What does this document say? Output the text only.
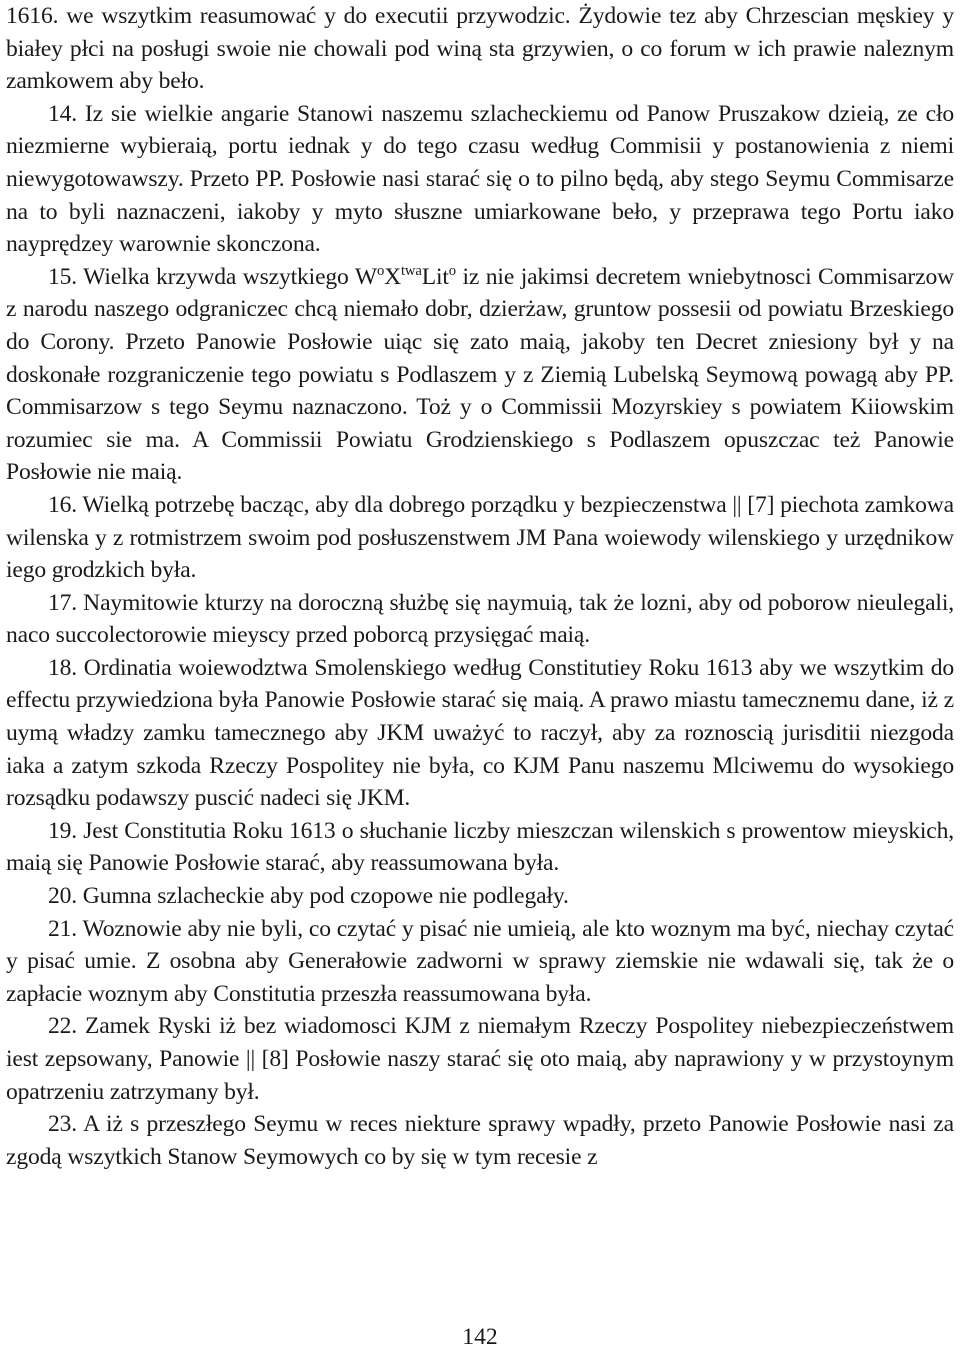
1616. we wszytkim reasumować y do executii przywodzic. Żydowie tez aby Chrzescian męskiey y białey płci na posługi swoie nie chowali pod winą sta grzywien, o co forum w ich prawie naleznym zamkowem aby beło.

14. Iz sie wielkie angarie Stanowi naszemu szlacheckiemu od Panow Pruszakow dzieią, ze cło niezmierne wybieraią, portu iednak y do tego czasu według Commisii y postanowienia z niemi niewygotowawszy. Przeto PP. Posłowie nasi starać się o to pilno będą, aby stego Seymu Commisarze na to byli naznaczeni, iakoby y myto słuszne umiarkowane beło, y przeprawa tego Portu iako nayprędzey warownie skonczona.

15. Wielka krzywda wszytkiego $W^oX^{twa}Lit^o$ iz nie jakimsi decretem wniebytnosci Commisarzow z narodu naszego odgraniczec chcą niemało dobr, dzierżaw, gruntow possesii od powiatu Brzeskiego do Corony. Przeto Panowie Posłowie uiąc się zato maią, jakoby ten Decret zniesiony był y na doskonałe rozgraniczenie tego powiatu s Podlaszem y z Ziemią Lubelską Seymową powagą aby PP. Commisarzow s tego Seymu naznaczono. Toż y o Commissii Mozyrskiey s powiatem Kiiowskim rozumiec sie ma. A Commissii Powiatu Grodzienskiego s Podlaszem opuszczac też Panowie Posłowie nie maią.

16. Wielką potrzebę bacząc, aby dla dobrego porządku y bezpieczenstwa || [7] piechota zamkowa wilenska y z rotmistrzem swoim pod posłuszenstwem JM Pana woiewody wilenskiego y urzędnikow iego grodzkich była.

17. Naymitowie kturzy na doroczną służbę się naymuią, tak że lozni, aby od poborow nieulegali, naco succolectorowie mieyscy przed poborcą przysięgać maią.

18. Ordinatia woiewodztwa Smolenskiego według Constitutiey Roku 1613 aby we wszytkim do effectu przywiedziona była Panowie Posłowie starać się maią. A prawo miastu tamecznemu dane, iż z uymą władzy zamku tamecznego aby JKM uważyć to raczył, aby za roznoscią jurisditii niezgoda iaka a zatym szkoda Rzeczy Pospolitey nie była, co KJM Panu naszemu Mlciwemu do wysokiego rozsądku podawszy puscić nadeci się JKM.

19. Jest Constitutia Roku 1613 o słuchanie liczby mieszczan wilenskich s prowentow mieyskich, maią się Panowie Posłowie starać, aby reassumowana była.

20. Gumna szlacheckie aby pod czopowe nie podlegały.

21. Woznowie aby nie byli, co czytać y pisać nie umieią, ale kto woznym ma być, niechay czytać y pisać umie. Z osobna aby Generałowie zadworni w sprawy ziemskie nie wdawali się, tak że o zapłacie woznym aby Constitutia przeszła reassumowana była.

22. Zamek Ryski iż bez wiadomosci KJM z niemałym Rzeczy Pospolitey niebezpieczeństwem iest zepsowany, Panowie || [8] Posłowie naszy starać się oto maią, aby naprawiony y w przystoynym opatrzeniu zatrzymany był.

23. A iż s przeszłego Seymu w reces niekture sprawy wpadły, przeto Panowie Posłowie nasi za zgodą wszytkich Stanow Seymowych co by się w tym recesie z

142
